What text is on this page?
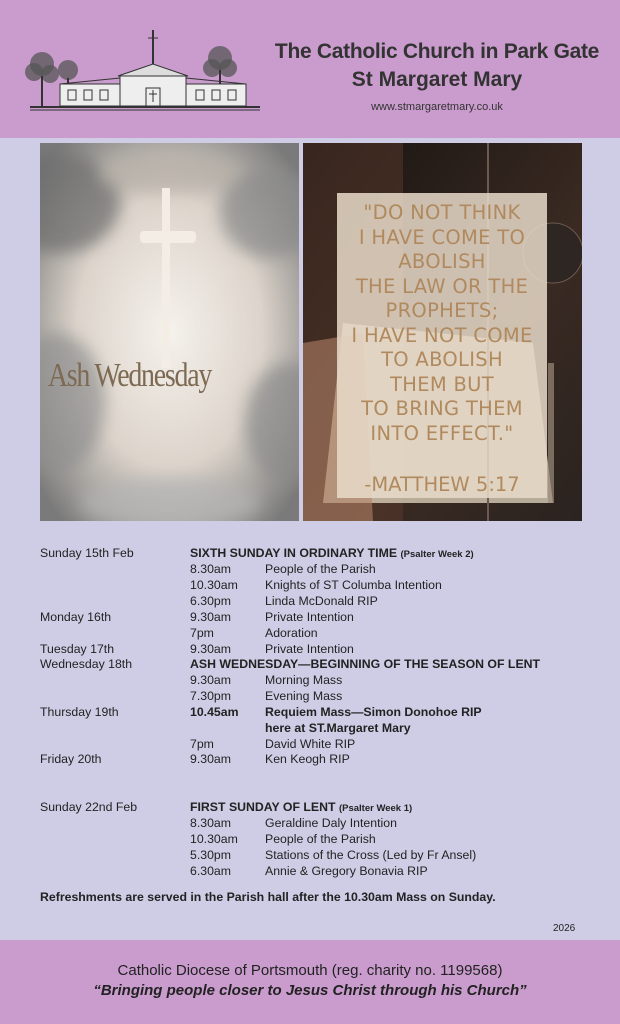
The Catholic Church in Park Gate
St Margaret Mary
www.stmargaretmary.co.uk
Ash Wednesday
"DO NOT THINK
I HAVE COME TO
ABOLISH
THE LAW OR THE
PROPHETS;
I HAVE NOT COME
TO ABOLISH
THEM BUT
TO BRING THEM
INTO EFFECT."
-MATTHEW 5:17
Sunday 15th Feb	SIXTH SUNDAY IN ORDINARY TIME (Psalter Week 2)
8.30am	People of the Parish
10.30am Knights of ST Columba Intention
6.30pm	Linda McDonald RIP
Monday 16th	9.30am	Private Intention
7pm	Adoration
Tuesday 17th	9.30am	Private Intention
Wednesday 18th	ASH WEDNESDAY—BEGINNING OF THE SEASON OF LENT
9.30am	Morning Mass
7.30pm	Evening Mass
Thursday 19th	10.45am Requiem Mass—Simon Donohoe RIP
here at ST.Margaret Mary
7pm	David White RIP
Friday 20th	9.30am	Ken Keogh RIP
Sunday 22nd Feb	FIRST SUNDAY OF LENT (Psalter Week 1)
8.30am	Geraldine Daly Intention
10.30am People of the Parish
5.30pm	Stations of the Cross (Led by Fr Ansel)
6.30am	Annie & Gregory Bonavia RIP
Refreshments are served in the Parish hall after the 10.30am Mass on Sunday.
2026
Catholic Diocese of Portsmouth (reg. charity no. 1199568)
“Bringing people closer to Jesus Christ through his Church”
